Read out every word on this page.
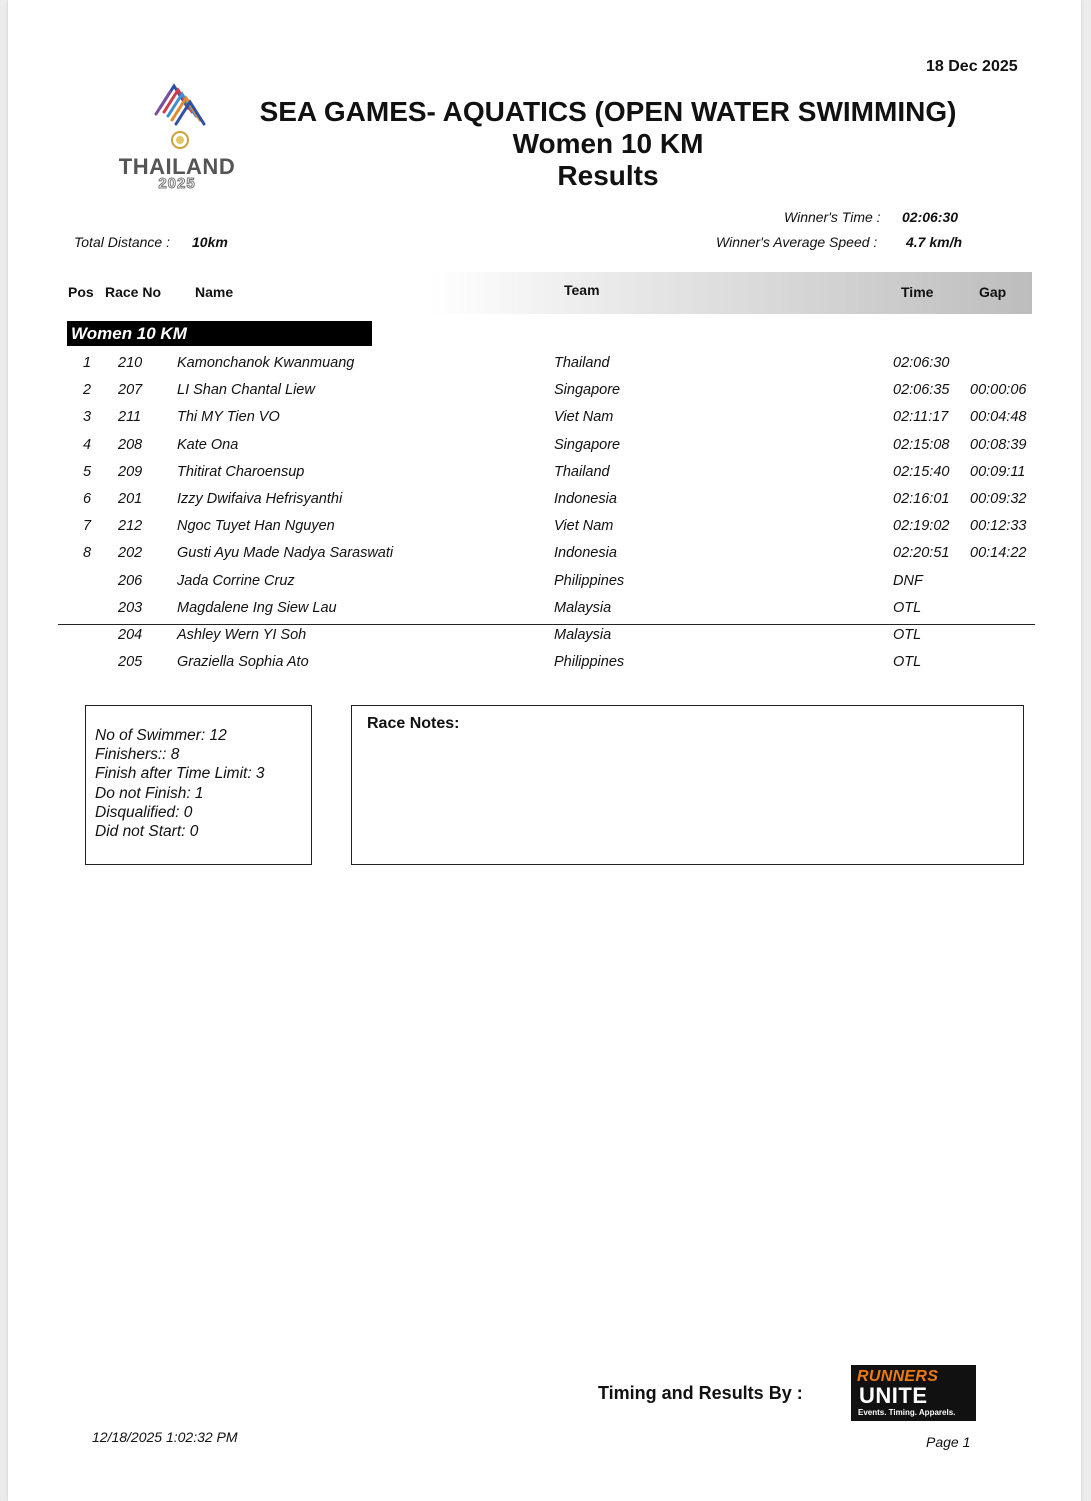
18 Dec 2025
THAILAND
2025
SEA GAMES- AQUATICS (OPEN WATER SWIMMING)
Women 10 KM
Results
Winner's Time : 02:06:30
Total Distance : 10km	Winner's Average Speed : 4.7 km/h
Pos Race No Name	Team	Time	Gap
Women 10 KM
1 210 Kamonchanok Kwanmuang	Thailand	02:06:30
2 207 LI Shan Chantal Liew	Singapore	02:06:35 00:00:06
3 211 Thi MY Tien VO	Viet Nam	02:11:17 00:04:48
4 208 Kate Ona	Singapore	02:15:08 00:08:39
5 209 Thitirat Charoensup	Thailand	02:15:40 00:09:11
6 201 Izzy Dwifaiva Hefrisyanthi	Indonesia	02:16:01 00:09:32
7 212 Ngoc Tuyet Han Nguyen	Viet Nam	02:19:02 00:12:33
8 202 Gusti Ayu Made Nadya Saraswati	Indonesia	02:20:51 00:14:22
206 Jada Corrine Cruz	Philippines	DNF
203 Magdalene Ing Siew Lau	Malaysia	OTL
204 Ashley Wern YI Soh	Malaysia	OTL
205 Graziella Sophia Ato	Philippines	OTL
No of Swimmer: 12
Finishers:: 8
Finish after Time Limit: 3
Do not Finish: 1
Disqualified: 0
Did not Start: 0
Race Notes:
Timing and Results By :
RUNNERS
UNITE
Events. Timing. Apparels.
12/18/2025 1:02:32 PM	Page 1
